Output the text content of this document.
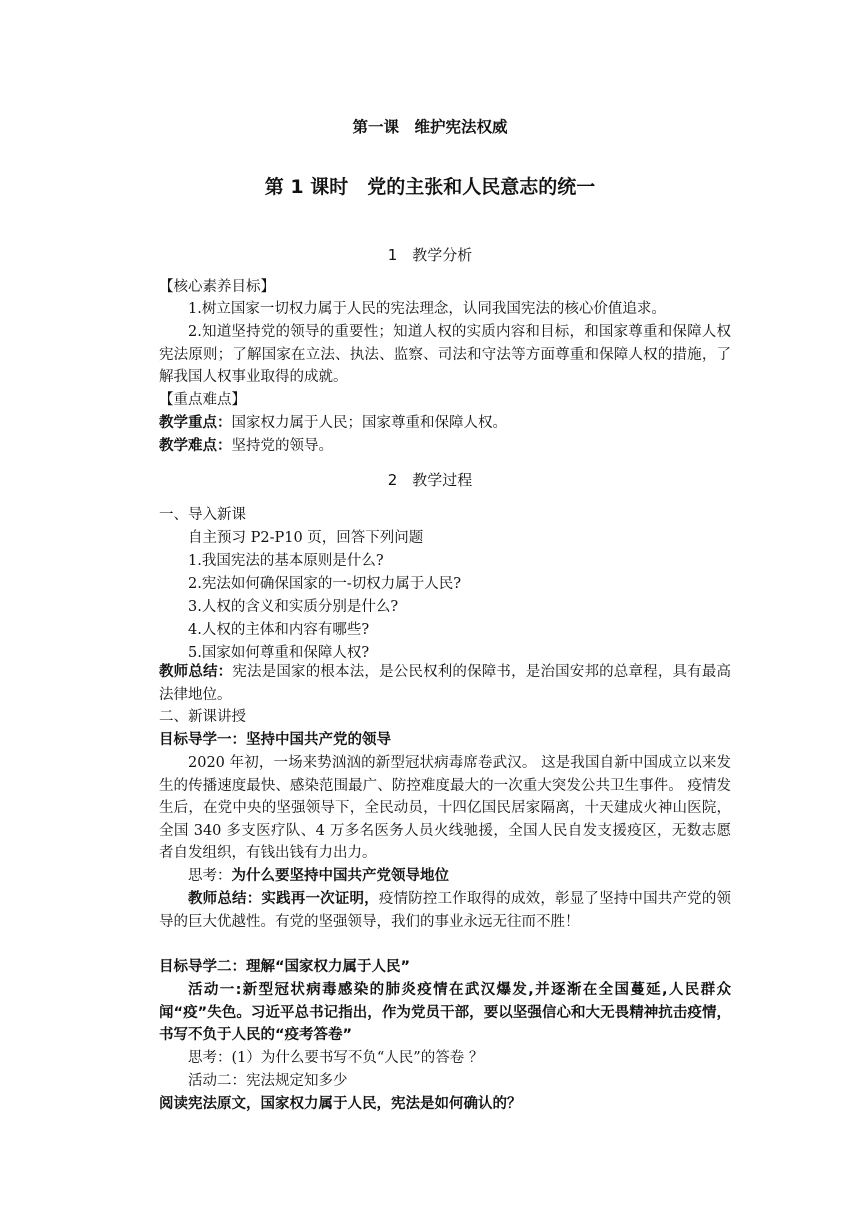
第一课　维护宪法权威
第 1 课时　党的主张和人民意志的统一
1　教学分析
【核心素养目标】
1.树立国家一切权力属于人民的宪法理念，认同我国宪法的核心价值追求。
2.知道坚持党的领导的重要性；知道人权的实质内容和目标，和国家尊重和保障人权宪法原则；了解国家在立法、执法、监察、司法和守法等方面尊重和保障人权的措施，了解我国人权事业取得的成就。
【重点难点】
教学重点：国家权力属于人民；国家尊重和保障人权。
教学难点：坚持党的领导。
2　教学过程
一、导入新课
自主预习 P2-P10 页，回答下列问题
1.我国宪法的基本原则是什么?
2.宪法如何确保国家的一-切权力属于人民?
3.人权的含义和实质分别是什么?
4.人权的主体和内容有哪些?
5.国家如何尊重和保障人权?
教师总结：宪法是国家的根本法，是公民权利的保障书，是治国安邦的总章程，具有最高法律地位。
二、新课讲授
目标导学一：坚持中国共产党的领导
2020 年初，一场来势汹汹的新型冠状病毒席卷武汉。 这是我国自新中国成立以来发生的传播速度最快、感染范围最广、防控难度最大的一次重大突发公共卫生事件。 疫情发生后，在党中央的坚强领导下，全民动员，十四亿国民居家隔离，十天建成火神山医院，全国 340 多支医疗队、4 万多名医务人员火线驰援，全国人民自发支援疫区，无数志愿者自发组织，有钱出钱有力出力。
思考：为什么要坚持中国共产党领导地位
教师总结：实践再一次证明，疫情防控工作取得的成效，彰显了坚持中国共产党的领导的巨大优越性。有党的坚强领导，我们的事业永远无往而不胜！
目标导学二：理解“国家权力属于人民”
活动一:新型冠状病毒感染的肺炎疫情在武汉爆发,并逐渐在全国蔓延,人民群众闻“疫”失色。习近平总书记指出，作为党员干部，要以坚强信心和大无畏精神抗击疫情，书写不负于人民的“疫考答卷”
思考：(1）为什么要书写不负“人民”的答卷 ？
活动二：宪法规定知多少
阅读宪法原文，国家权力属于人民，宪法是如何确认的？
